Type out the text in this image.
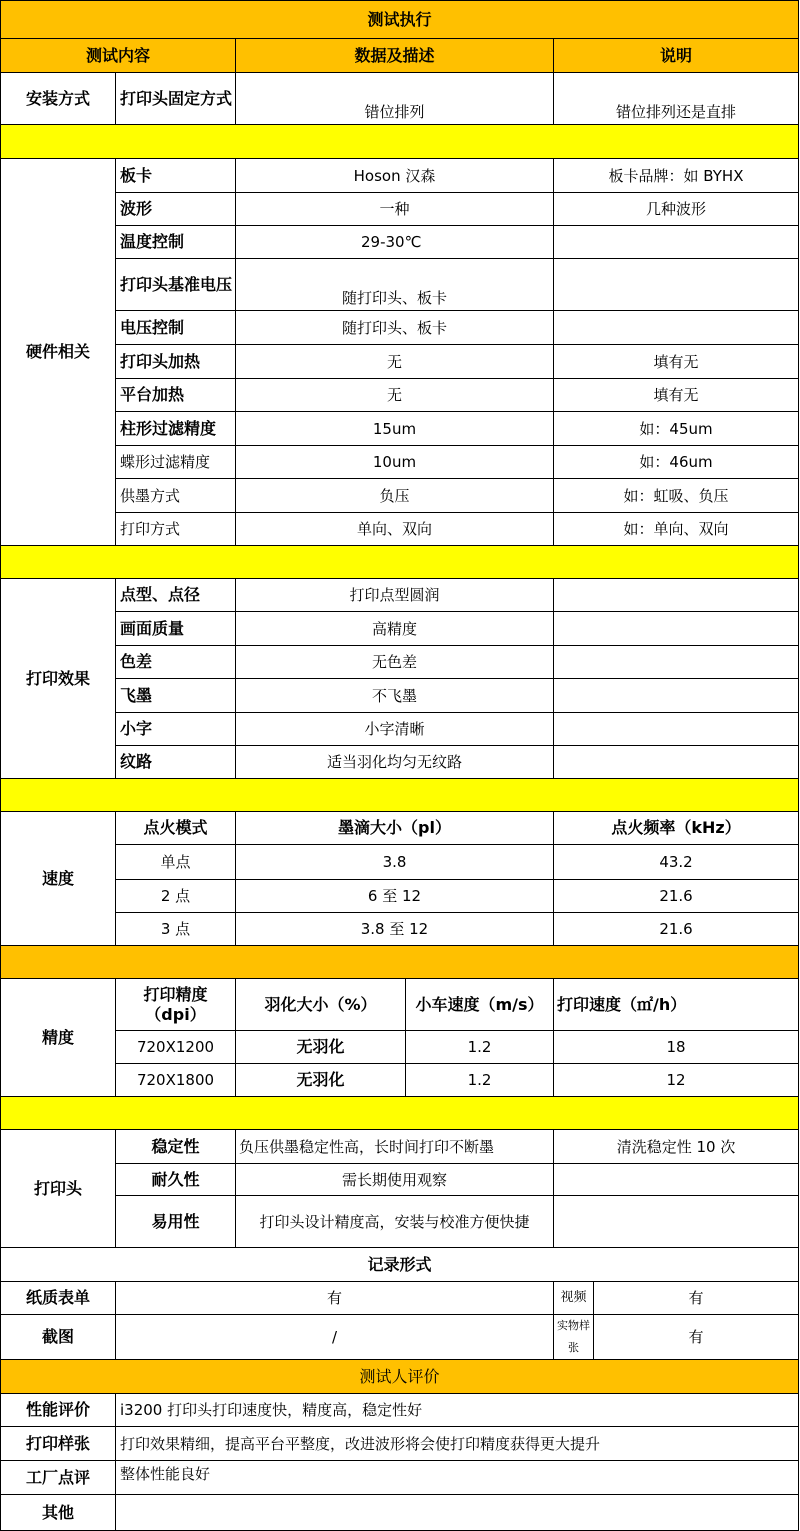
测试执行					
测试内容		数据及描述		说明	
安装方式	打印头固定方式	错位排列		错位排列还是直排	

硬件相关	板卡	Hoson 汉森		板卡品牌：如 BYHX	
	波形	一种		几种波形	
	温度控制	29-30℃			
	打印头基准电压	随打印头、板卡			
	电压控制	随打印头、板卡			
	打印头加热	无		填有无	
	平台加热	无		填有无	
	柱形过滤精度	15um		如：45um	
	蝶形过滤精度	10um		如：46um	
	供墨方式	负压		如：虹吸、负压	
	打印方式	单向、双向		如：单向、双向	

打印效果	点型、点径	打印点型圆润			
	画面质量	高精度			
	色差	无色差			
	飞墨	不飞墨			
	小字	小字清晰			
	纹路	适当羽化均匀无纹路			

速度	点火模式	墨滴大小（pl）		点火频率（kHz）	
	单点	3.8		43.2	
	2 点	6 至 12		21.6	
	3 点	3.8 至 12		21.6	

精度	打印精度（dpi）	羽化大小（%）	小车速度（m/s）	打印速度（㎡/h）	
	720X1200	无羽化	1.2	18	
	720X1800	无羽化	1.2	12	

打印头	稳定性	负压供墨稳定性高，长时间打印不断墨		清洗稳定性 10 次	
	耐久性	需长期使用观察			
	易用性	打印头设计精度高，安装与校准方便快捷			
记录形式					
纸质表单	有			视频	有
截图	/			实物样张	有
测试人评价					
性能评价	i3200 打印头打印速度快，精度高，稳定性好				
打印样张	打印效果精细，提高平台平整度，改进波形将会使打印精度获得更大提升				
工厂点评	整体性能良好				
其他					
